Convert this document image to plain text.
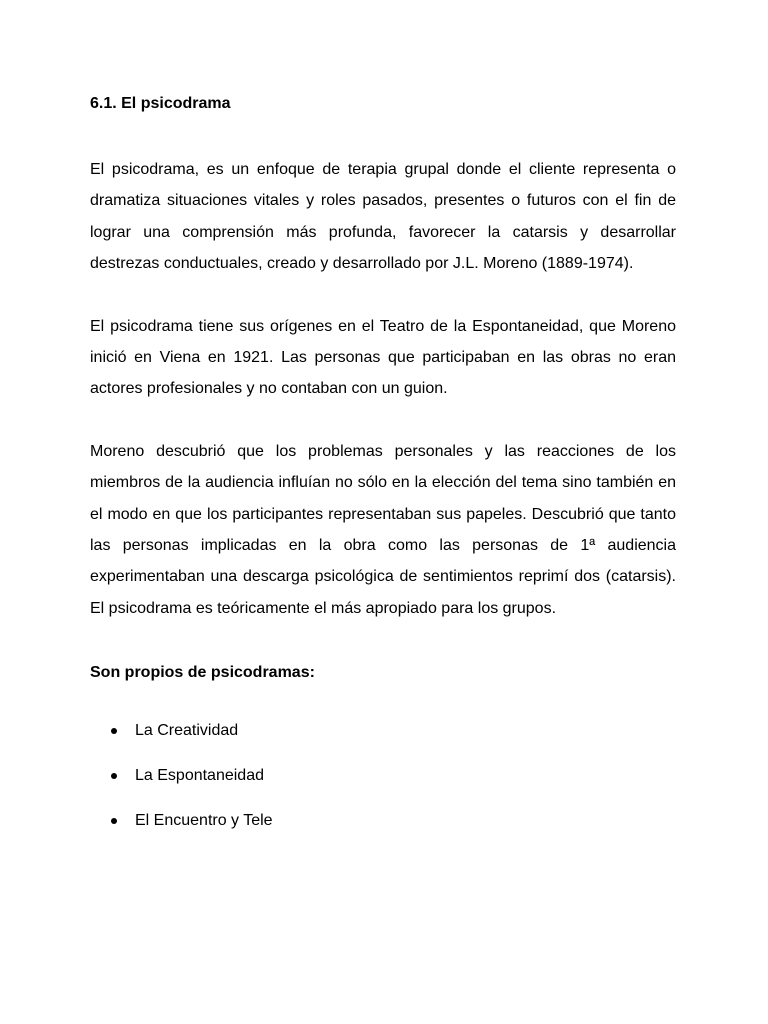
6.1. El psicodrama

El psicodrama, es un enfoque de terapia grupal donde el cliente representa o dramatiza situaciones vitales y roles pasados, presentes o futuros con el fin de lograr una comprensión más profunda, favorecer la catarsis y desarrollar destrezas conductuales, creado y desarrollado por J.L. Moreno (1889-1974).

El psicodrama tiene sus orígenes en el Teatro de la Espontaneidad, que Moreno inició en Viena en 1921. Las personas que participaban en las obras no eran actores profesionales y no contaban con un guion.

Moreno descubrió que los problemas personales y las reacciones de los miembros de la audiencia influían no sólo en la elección del tema sino también en el modo en que los participantes representaban sus papeles. Descubrió que tanto las personas implicadas en la obra como las personas de 1ª audiencia experimentaban una descarga psicológica de sentimientos reprimí dos (catarsis). El psicodrama es teóricamente el más apropiado para los grupos.

Son propios de psicodramas:
La Creatividad
La Espontaneidad
El Encuentro y Tele
